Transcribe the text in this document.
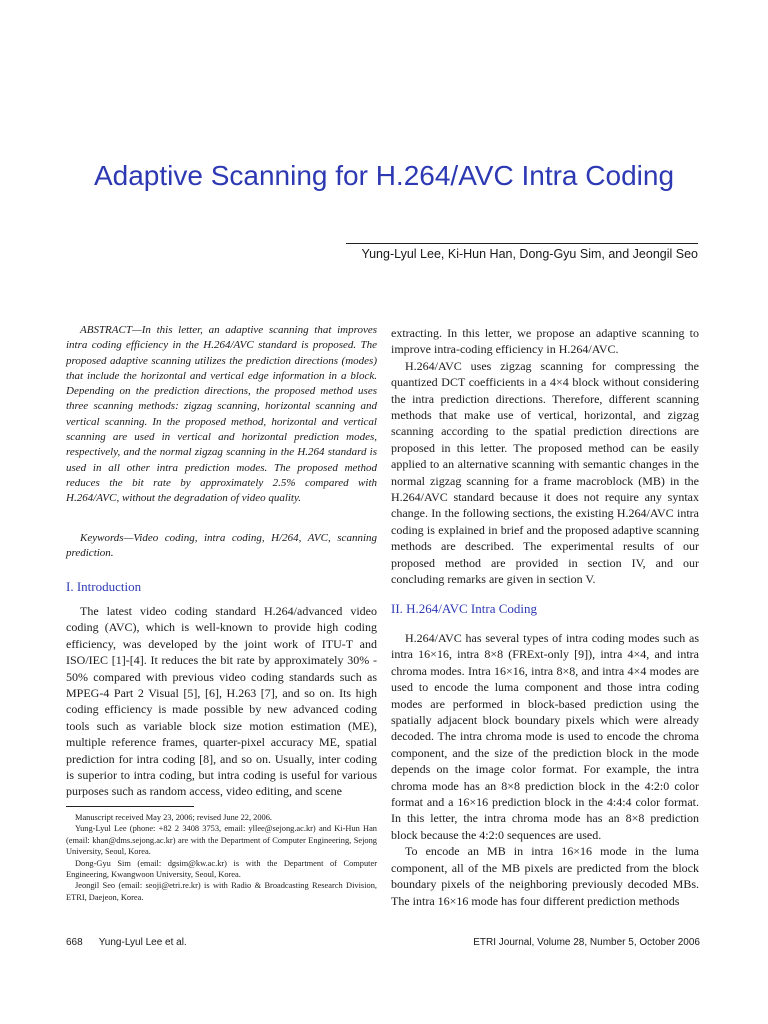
Adaptive Scanning for H.264/AVC Intra Coding
Yung-Lyul Lee, Ki-Hun Han, Dong-Gyu Sim, and Jeongil Seo
ABSTRACT—In this letter, an adaptive scanning that improves intra coding efficiency in the H.264/AVC standard is proposed. The proposed adaptive scanning utilizes the prediction directions (modes) that include the horizontal and vertical edge information in a block. Depending on the prediction directions, the proposed method uses three scanning methods: zigzag scanning, horizontal scanning and vertical scanning. In the proposed method, horizontal and vertical scanning are used in vertical and horizontal prediction modes, respectively, and the normal zigzag scanning in the H.264 standard is used in all other intra prediction modes. The proposed method reduces the bit rate by approximately 2.5% compared with H.264/AVC, without the degradation of video quality.
Keywords—Video coding, intra coding, H/264, AVC, scanning prediction.
I. Introduction

The latest video coding standard H.264/advanced video coding (AVC), which is well-known to provide high coding efficiency, was developed by the joint work of ITU-T and ISO/IEC [1]-[4]. It reduces the bit rate by approximately 30% - 50% compared with previous video coding standards such as MPEG-4 Part 2 Visual [5], [6], H.263 [7], and so on. Its high coding efficiency is made possible by new advanced coding tools such as variable block size motion estimation (ME), multiple reference frames, quarter-pixel accuracy ME, spatial prediction for intra coding [8], and so on. Usually, inter coding is superior to intra coding, but intra coding is useful for various purposes such as random access, video editing, and scene

Manuscript received May 23, 2006; revised June 22, 2006.

Yung-Lyul Lee (phone: +82 2 3408 3753, email: yllee@sejong.ac.kr) and Ki-Hun Han (email: khan@dms.sejong.ac.kr) are with the Department of Computer Engineering, Sejong University, Seoul, Korea.

Dong-Gyu Sim (email: dgsim@kw.ac.kr) is with the Department of Computer Engineering, Kwangwoon University, Seoul, Korea.

Jeongil Seo (email: seoji@etri.re.kr) is with Radio & Broadcasting Research Division, ETRI, Daejeon, Korea.

extracting. In this letter, we propose an adaptive scanning to improve intra-coding efficiency in H.264/AVC.

H.264/AVC uses zigzag scanning for compressing the quantized DCT coefficients in a 4×4 block without considering the intra prediction directions. Therefore, different scanning methods that make use of vertical, horizontal, and zigzag scanning according to the spatial prediction directions are proposed in this letter. The proposed method can be easily applied to an alternative scanning with semantic changes in the normal zigzag scanning for a frame macroblock (MB) in the H.264/AVC standard because it does not require any syntax change. In the following sections, the existing H.264/AVC intra coding is explained in brief and the proposed adaptive scanning methods are described. The experimental results of our proposed method are provided in section IV, and our concluding remarks are given in section V.

II. H.264/AVC Intra Coding

H.264/AVC has several types of intra coding modes such as intra 16×16, intra 8×8 (FRExt-only [9]), intra 4×4, and intra chroma modes. Intra 16×16, intra 8×8, and intra 4×4 modes are used to encode the luma component and those intra coding modes are performed in block-based prediction using the spatially adjacent block boundary pixels which were already decoded. The intra chroma mode is used to encode the chroma component, and the size of the prediction block in the mode depends on the image color format. For example, the intra chroma mode has an 8×8 prediction block in the 4:2:0 color format and a 16×16 prediction block in the 4:4:4 color format. In this letter, the intra chroma mode has an 8×8 prediction block because the 4:2:0 sequences are used.

To encode an MB in intra 16×16 mode in the luma component, all of the MB pixels are predicted from the block boundary pixels of the neighboring previously decoded MBs. The intra 16×16 mode has four different prediction methods

668 Yung-Lyul Lee et al.	ETRI Journal, Volume 28, Number 5, October 2006
